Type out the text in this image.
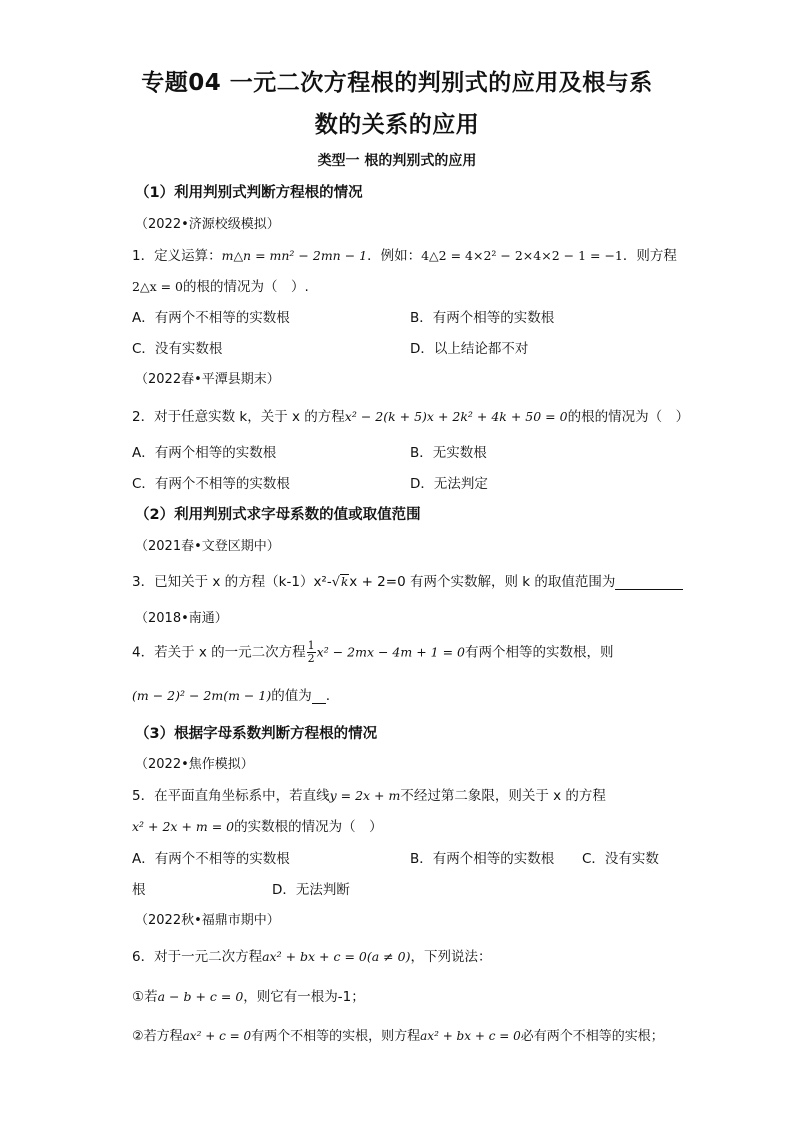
专题04 一元二次方程根的判别式的应用及根与系
数的关系的应用
类型一 根的判别式的应用
（1）利用判别式判断方程根的情况
（2022•济源校级模拟）
1．定义运算：m△n = mn² − 2mn − 1．例如：4△2 = 4×2² − 2×4×2 − 1 = −1．则方程
2△x = 0的根的情况为（　）.
A．有两个不相等的实数根	B．有两个相等的实数根
C．没有实数根	D．以上结论都不对
（2022春•平潭县期末）
2．对于任意实数 k，关于 x 的方程x² − 2(k + 5)x + 2k² + 4k + 50 = 0的根的情况为（　）
A．有两个相等的实数根	B．无实数根
C．有两个不相等的实数根	D．无法判定
（2）利用判别式求字母系数的值或取值范围
（2021春•文登区期中）
3．已知关于 x 的方程（k-1）x²-√kx + 2=0 有两个实数解，则 k 的取值范围为
（2018•南通）
4．若关于 x 的一元二次方程 $\frac{1}{2} x^2 - 2mx - 4m + 1 = 0$有两个相等的实数根，则
(m − 2)² − 2m(m − 1)的值为 .
（3）根据字母系数判断方程根的情况
（2022•焦作模拟）
5．在平面直角坐标系中，若直线y = 2x + m不经过第二象限，则关于 x 的方程
x² + 2x + m = 0的实数根的情况为（　）
A．有两个不相等的实数根	B．有两个相等的实数根 C．没有实数
根	D．无法判断
（2022秋•福鼎市期中）
6．对于一元二次方程ax² + bx + c = 0(a ≠ 0)，下列说法：
①若a − b + c = 0，则它有一根为-1；
②若方程ax² + c = 0有两个不相等的实根，则方程ax² + bx + c = 0必有两个不相等的实根；
